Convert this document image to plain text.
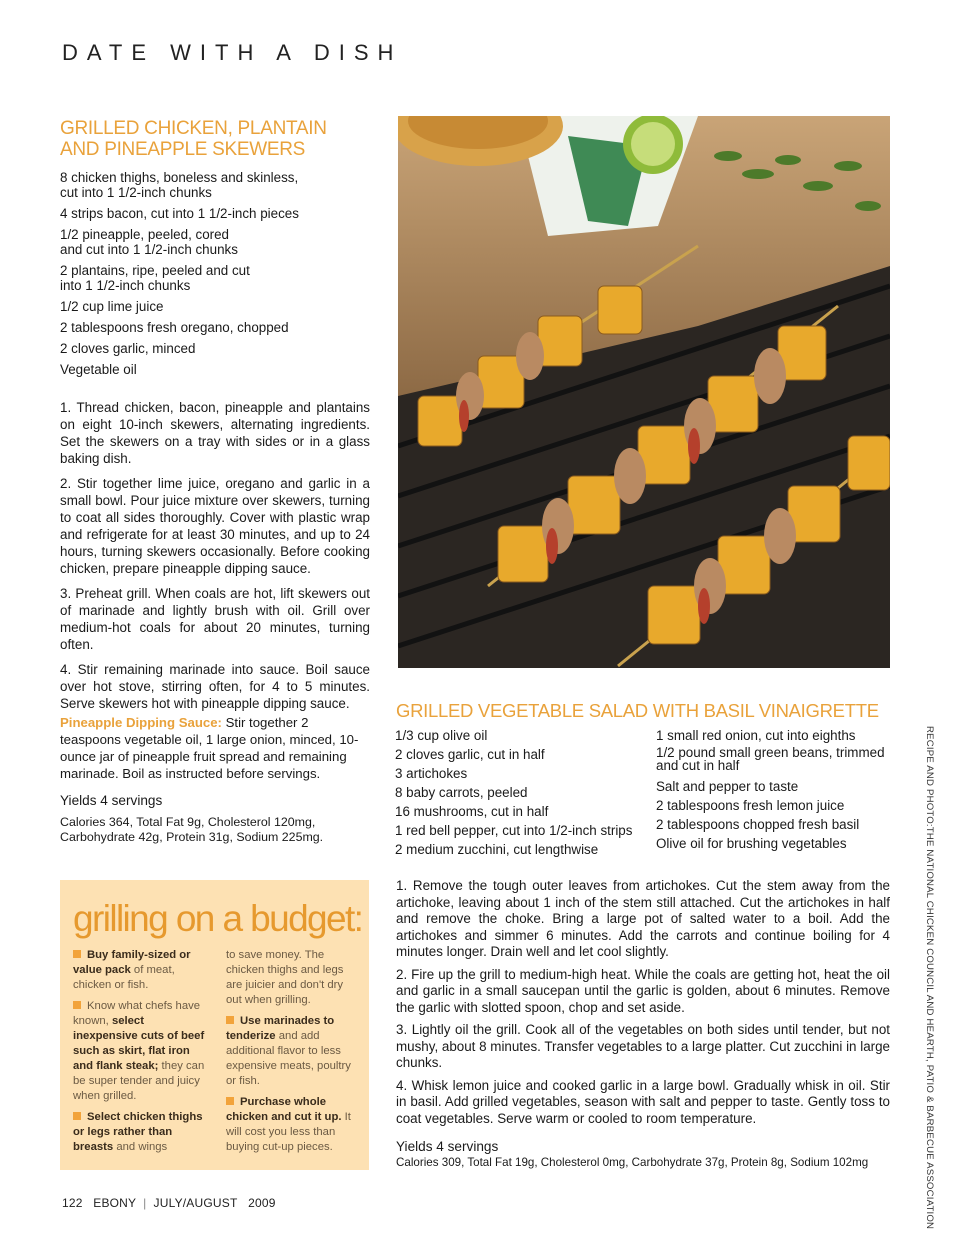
DATE WITH A DISH
GRILLED CHICKEN, PLANTAIN
AND PINEAPPLE SKEWERS
8 chicken thighs, boneless and skinless,
cut into 1 1/2-inch chunks
4 strips bacon, cut into 1 1/2-inch pieces
1/2 pineapple, peeled, cored
and cut into 1 1/2-inch chunks
2 plantains, ripe, peeled and cut
into 1 1/2-inch chunks
1/2 cup lime juice
2 tablespoons fresh oregano, chopped
2 cloves garlic, minced
Vegetable oil

1. Thread chicken, bacon, pineapple and plantains on eight 10-inch skewers, alternating ingredients. Set the skewers on a tray with sides or in a glass baking dish.

2. Stir together lime juice, oregano and garlic in a small bowl. Pour juice mixture over skewers, turning to coat all sides thoroughly. Cover with plastic wrap and refrigerate for at least 30 minutes, and up to 24 hours, turning skewers occasionally. Before cooking chicken, prepare pineapple dipping sauce.

3. Preheat grill. When coals are hot, lift skewers out of marinade and lightly brush with oil. Grill over medium-hot coals for about 20 minutes, turning often.

4. Stir remaining marinade into sauce. Boil sauce over hot stove, stirring often, for 4 to 5 minutes. Serve skewers hot with pineapple dipping sauce.

Pineapple Dipping Sauce: Stir together 2 teaspoons vegetable oil, 1 large onion, minced, 10-ounce jar of pineapple fruit spread and remaining marinade. Boil as instructed before servings.
Yields 4 servings
Calories 364, Total Fat 9g, Cholesterol 120mg, Carbohydrate 42g, Protein 31g, Sodium 225mg.	RECIPE AND PHOTO:THE NATIONAL CHICKEN COUNCIL AND HEARTH, PATIO & BARBECUE ASSOCIATION
GRILLED VEGETABLE SALAD WITH BASIL VINAIGRETTE
1/3 cup olive oil
2 cloves garlic, cut in half
3 artichokes
8 baby carrots, peeled
16 mushrooms, cut in half
1 red bell pepper, cut into 1/2-inch strips
2 medium zucchini, cut lengthwise
1 small red onion, cut into eighths
1/2 pound small green beans, trimmed
and cut in half
Salt and pepper to taste
2 tablespoons fresh lemon juice
2 tablespoons chopped fresh basil
Olive oil for brushing vegetables

1. Remove the tough outer leaves from artichokes. Cut the stem away from the artichoke, leaving about 1 inch of the stem still attached. Cut the artichokes in half and remove the choke. Bring a large pot of salted water to a boil. Add the artichokes and simmer 6 minutes. Add the carrots and continue boiling for 4 minutes longer. Drain well and let cool slightly.

2. Fire up the grill to medium-high heat. While the coals are getting hot, heat the oil and garlic in a small saucepan until the garlic is golden, about 6 minutes. Remove the garlic with slotted spoon, chop and set aside.

3. Lightly oil the grill. Cook all of the vegetables on both sides until tender, but not mushy, about 8 minutes. Transfer vegetables to a large platter. Cut zucchini in large chunks.

4. Whisk lemon juice and cooked garlic in a large bowl. Gradually whisk in oil. Stir in basil. Add grilled vegetables, season with salt and pepper to taste. Gently toss to coat vegetables. Serve warm or cooled to room temperature.

Yields 4 servings
Calories 309, Total Fat 19g, Cholesterol 0mg, Carbohydrate 37g, Protein 8g, Sodium 102mg
grilling on a budget:

Buy family-sized or value pack of meat, chicken or fish.

Know what chefs have known, select inexpensive cuts of beef such as skirt, flat iron and flank steak; they can be super tender and juicy when grilled.

Select chicken thighs or legs rather than breasts and wings

to save money. The chicken thighs and legs are juicier and don't dry out when grilling.

Use marinades to tenderize and add additional flavor to less expensive meats, poultry or fish.

Purchase whole chicken and cut it up. It will cost you less than buying cut-up pieces.

122 EBONY  |  JULY/AUGUST 2009
